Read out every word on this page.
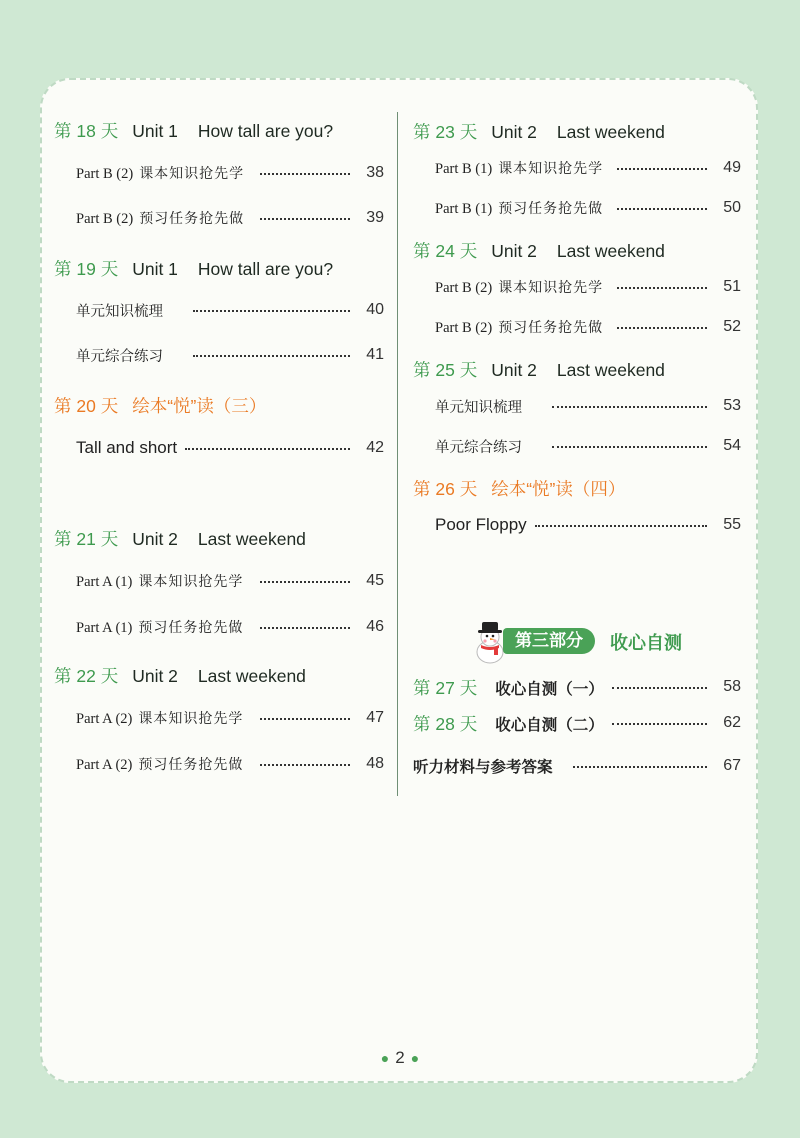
第 18 天 Unit 1 How tall are you?
Part B (2) 课本知识抢先学	38
Part B (2) 预习任务抢先做	39
第 19 天 Unit 1 How tall are you?
单元知识梳理	40
单元综合练习	41
第 20 天 绘本“悦”读（三）
Tall and short	42
第 21 天 Unit 2 Last weekend
Part A (1) 课本知识抢先学	45
Part A (1) 预习任务抢先做	46
第 22 天 Unit 2 Last weekend
Part A (2) 课本知识抢先学	47
Part A (2) 预习任务抢先做	48
第 23 天 Unit 2 Last weekend
Part B (1) 课本知识抢先学	49
Part B (1) 预习任务抢先做	50
第 24 天 Unit 2 Last weekend
Part B (2) 课本知识抢先学	51
Part B (2) 预习任务抢先做	52
第 25 天 Unit 2 Last weekend
单元知识梳理	53
单元综合练习	54
第 26 天 绘本“悦”读（四）
Poor Floppy	55
第三部分	收心自测
第 27 天 收心自测（一）	58
第 28 天 收心自测（二）	62
听力材料与参考答案	67
● 2 ●
